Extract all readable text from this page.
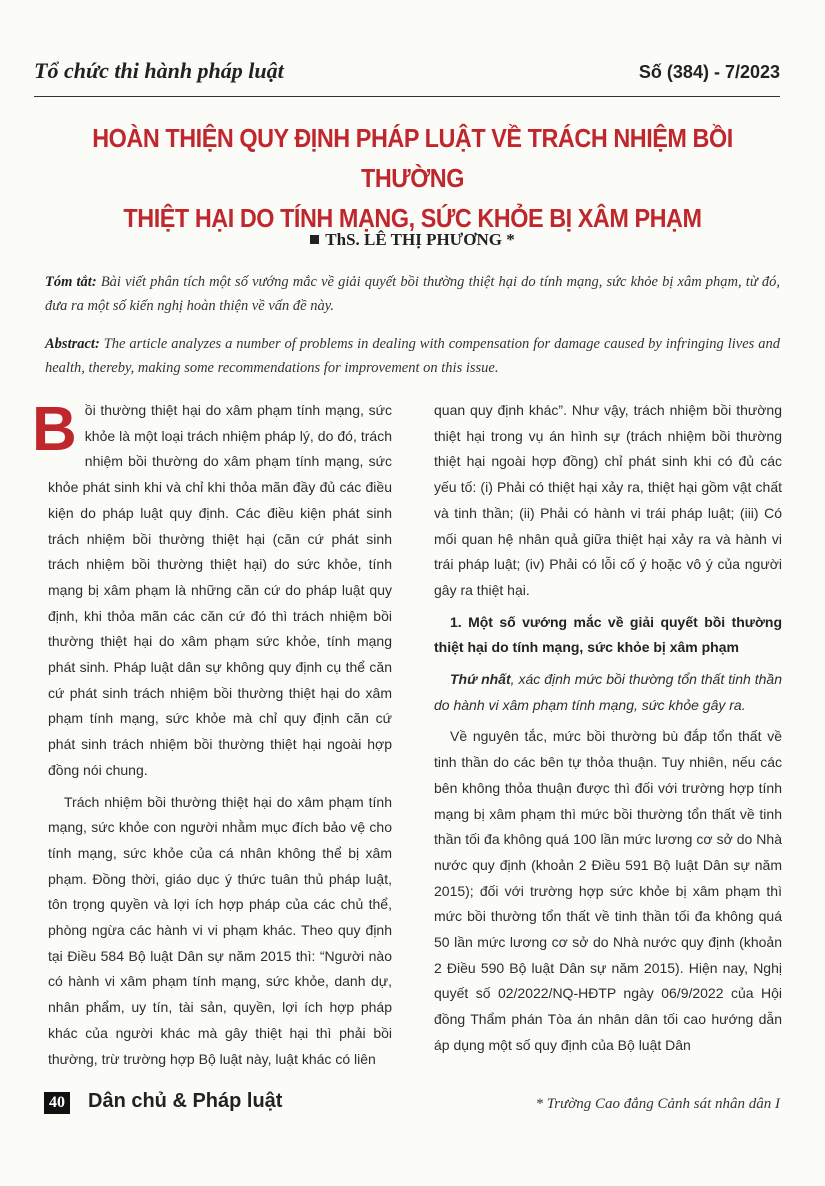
Tổ chức thi hành pháp luật	Số (384) - 7/2023
HOÀN THIỆN QUY ĐỊNH PHÁP LUẬT VỀ TRÁCH NHIỆM BỒI THƯỜNG
THIỆT HẠI DO TÍNH MẠNG, SỨC KHỎE BỊ XÂM PHẠM
ThS. LÊ THỊ PHƯƠNG *
Tóm tắt: Bài viết phân tích một số vướng mắc về giải quyết bồi thường thiệt hại do tính mạng, sức khỏe bị xâm phạm, từ đó, đưa ra một số kiến nghị hoàn thiện về vấn đề này.
Abstract: The article analyzes a number of problems in dealing with compensation for damage caused by infringing lives and health, thereby, making some recommendations for improvement on this issue.

Bồi thường thiệt hại do xâm phạm tính mạng, sức khỏe là một loại trách nhiệm pháp lý, do đó, trách nhiệm bồi thường do xâm phạm tính mạng, sức khỏe phát sinh khi và chỉ khi thỏa mãn đầy đủ các điều kiện do pháp luật quy định. Các điều kiện phát sinh trách nhiệm bồi thường thiệt hại (căn cứ phát sinh trách nhiệm bồi thường thiệt hại) do sức khỏe, tính mạng bị xâm phạm là những căn cứ do pháp luật quy định, khi thỏa mãn các căn cứ đó thì trách nhiệm bồi thường thiệt hại do xâm phạm sức khỏe, tính mạng phát sinh. Pháp luật dân sự không quy định cụ thể căn cứ phát sinh trách nhiệm bồi thường thiệt hại do xâm phạm tính mạng, sức khỏe mà chỉ quy định căn cứ phát sinh trách nhiệm bồi thường thiệt hại ngoài hợp đồng nói chung.

Trách nhiệm bồi thường thiệt hại do xâm phạm tính mạng, sức khỏe con người nhằm mục đích bảo vệ cho tính mạng, sức khỏe của cá nhân không thể bị xâm phạm. Đồng thời, giáo dục ý thức tuân thủ pháp luật, tôn trọng quyền và lợi ích hợp pháp của các chủ thể, phòng ngừa các hành vi vi phạm khác. Theo quy định tại Điều 584 Bộ luật Dân sự năm 2015 thì: “Người nào có hành vi xâm phạm tính mạng, sức khỏe, danh dự, nhân phẩm, uy tín, tài sản, quyền, lợi ích hợp pháp khác của người khác mà gây thiệt hại thì phải bồi thường, trừ trường hợp Bộ luật này, luật khác có liên

quan quy định khác”. Như vậy, trách nhiệm bồi thường thiệt hại trong vụ án hình sự (trách nhiệm bồi thường thiệt hại ngoài hợp đồng) chỉ phát sinh khi có đủ các yếu tố: (i) Phải có thiệt hại xảy ra, thiệt hại gồm vật chất và tinh thần; (ii) Phải có hành vi trái pháp luật; (iii) Có mối quan hệ nhân quả giữa thiệt hại xảy ra và hành vi trái pháp luật; (iv) Phải có lỗi cố ý hoặc vô ý của người gây ra thiệt hại.

1. Một số vướng mắc về giải quyết bồi thường thiệt hại do tính mạng, sức khỏe bị xâm phạm

Thứ nhất, xác định mức bồi thường tổn thất tinh thần do hành vi xâm phạm tính mạng, sức khỏe gây ra.

Về nguyên tắc, mức bồi thường bù đắp tổn thất về tinh thần do các bên tự thỏa thuận. Tuy nhiên, nếu các bên không thỏa thuận được thì đối với trường hợp tính mạng bị xâm phạm thì mức bồi thường tổn thất về tinh thần tối đa không quá 100 lần mức lương cơ sở do Nhà nước quy định (khoản 2 Điều 591 Bộ luật Dân sự năm 2015); đối với trường hợp sức khỏe bị xâm phạm thì mức bồi thường tổn thất về tinh thần tối đa không quá 50 lần mức lương cơ sở do Nhà nước quy định (khoản 2 Điều 590 Bộ luật Dân sự năm 2015). Hiện nay, Nghị quyết số 02/2022/NQ-HĐTP ngày 06/9/2022 của Hội đồng Thẩm phán Tòa án nhân dân tối cao hướng dẫn áp dụng một số quy định của Bộ luật Dân

40 Dân chủ & Pháp luật	* Trường Cao đẳng Cảnh sát nhân dân I
